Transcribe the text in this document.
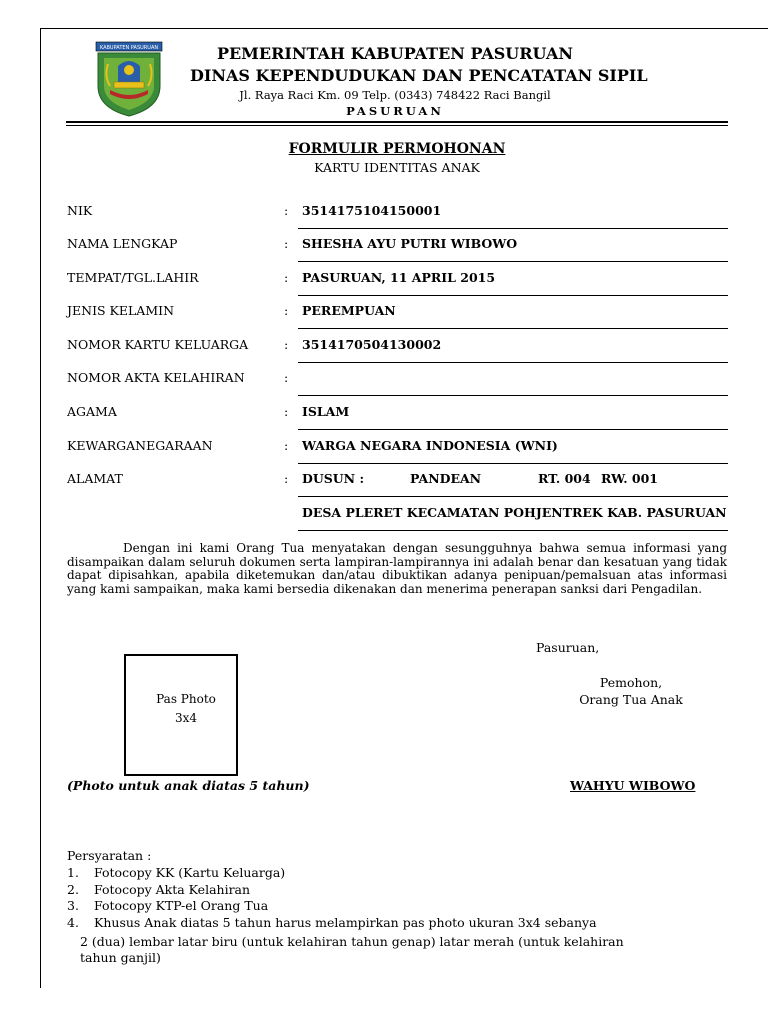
KABUPATEN PASURUAN	PEMERINTAH KABUPATEN PASURUAN
DINAS KEPENDUDUKAN DAN PENCATATAN SIPIL
Jl. Raya Raci Km. 09 Telp. (0343) 748422 Raci Bangil
PASURUAN
FORMULIR PERMOHONAN
KARTU IDENTITAS ANAK
NIK	: 3514175104150001
NAMA LENGKAP	: SHESHA AYU PUTRI WIBOWO
TEMPAT/TGL.LAHIR	: PASURUAN, 11 APRIL 2015
JENIS KELAMIN	: PEREMPUAN
NOMOR KARTU KELUARGA	: 3514170504130002
NOMOR AKTA KELAHIRAN	:
AGAMA	: ISLAM
KEWARGANEGARAAN	: WARGA NEGARA INDONESIA (WNI)
ALAMAT	: DUSUN :	PANDEAN	RT. 004 RW. 001
DESA PLERET KECAMATAN POHJENTREK KAB. PASURUAN
Dengan ini kami Orang Tua menyatakan dengan sesungguhnya bahwa semua informasi yang disampaikan dalam seluruh dokumen serta lampiran-lampirannya ini adalah benar dan kesatuan yang tidak dapat dipisahkan, apabila diketemukan dan/atau dibuktikan adanya penipuan/pemalsuan atas informasi yang kami sampaikan, maka kami bersedia dikenakan dan menerima penerapan sanksi dari Pengadilan.
Pas Photo
3x4
(Photo untuk anak diatas 5 tahun)
Pasuruan,
Pemohon,
Orang Tua Anak
WAHYU WIBOWO
Persyaratan :
1. Fotocopy KK (Kartu Keluarga)
2. Fotocopy Akta Kelahiran
3. Fotocopy KTP-el Orang Tua
4. Khusus Anak diatas 5 tahun harus melampirkan pas photo ukuran 3x4 sebanya
2 (dua) lembar latar biru (untuk kelahiran tahun genap) latar merah (untuk kelahiran
tahun ganjil)
